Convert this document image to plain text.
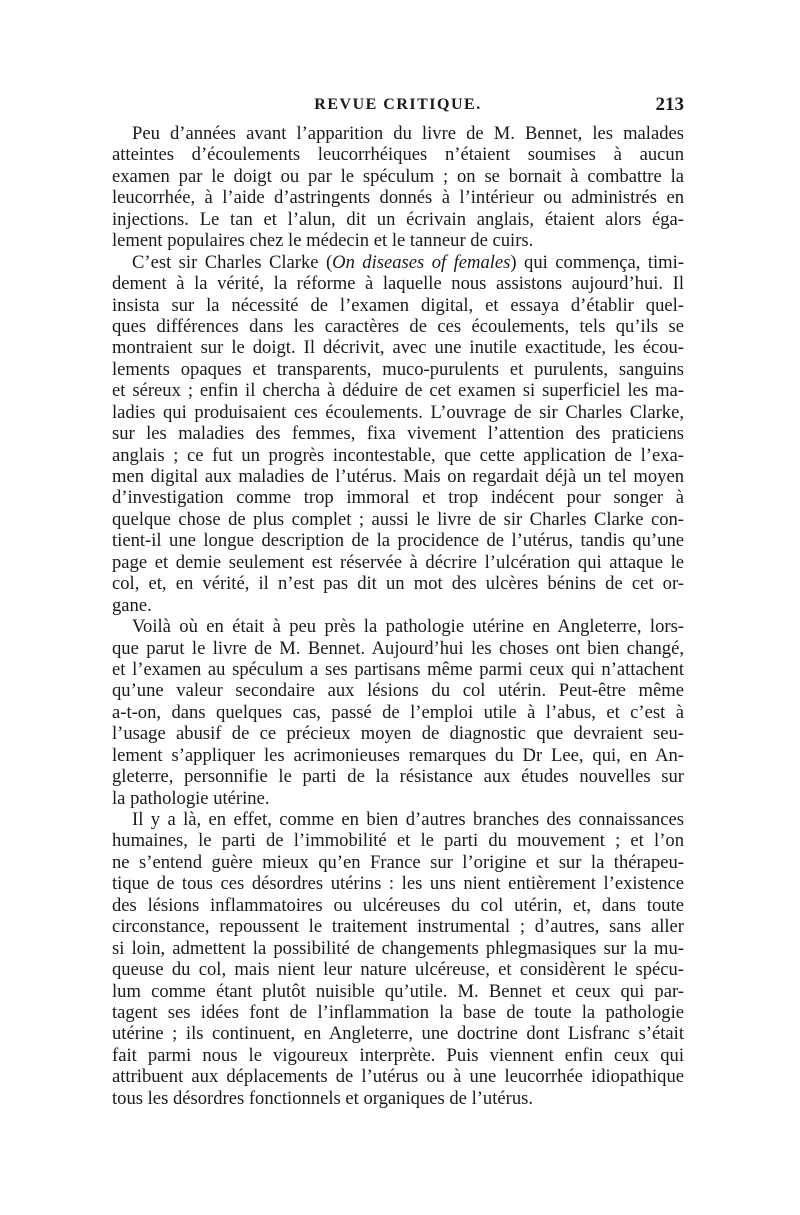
REVUE CRITIQUE.	213
Peu d’années avant l’apparition du livre de M. Bennet, les malades
atteintes d’écoulements leucorrhéiques n’étaient soumises à aucun
examen par le doigt ou par le spéculum ; on se bornait à combattre la
leucorrhée, à l’aide d’astringents donnés à l’intérieur ou administrés en
injections. Le tan et l’alun, dit un écrivain anglais, étaient alors éga-
lement populaires chez le médecin et le tanneur de cuirs.
C’est sir Charles Clarke (On diseases of females) qui commença, timi-
dement à la vérité, la réforme à laquelle nous assistons aujourd’hui. Il
insista sur la nécessité de l’examen digital, et essaya d’établir quel-
ques différences dans les caractères de ces écoulements, tels qu’ils se
montraient sur le doigt. Il décrivit, avec une inutile exactitude, les écou-
lements opaques et transparents, muco-purulents et purulents, sanguins
et séreux ; enfin il chercha à déduire de cet examen si superficiel les ma-
ladies qui produisaient ces écoulements. L’ouvrage de sir Charles Clarke,
sur les maladies des femmes, fixa vivement l’attention des praticiens
anglais ; ce fut un progrès incontestable, que cette application de l’exa-
men digital aux maladies de l’utérus. Mais on regardait déjà un tel moyen
d’investigation comme trop immoral et trop indécent pour songer à
quelque chose de plus complet ; aussi le livre de sir Charles Clarke con-
tient-il une longue description de la procidence de l’utérus, tandis qu’une
page et demie seulement est réservée à décrire l’ulcération qui attaque le
col, et, en vérité, il n’est pas dit un mot des ulcères bénins de cet or-
gane.
Voilà où en était à peu près la pathologie utérine en Angleterre, lors-
que parut le livre de M. Bennet. Aujourd’hui les choses ont bien changé,
et l’examen au spéculum a ses partisans même parmi ceux qui n’attachent
qu’une valeur secondaire aux lésions du col utérin. Peut-être même
a-t-on, dans quelques cas, passé de l’emploi utile à l’abus, et c’est à
l’usage abusif de ce précieux moyen de diagnostic que devraient seu-
lement s’appliquer les acrimonieuses remarques du Dr Lee, qui, en An-
gleterre, personnifie le parti de la résistance aux études nouvelles sur
la pathologie utérine.
Il y a là, en effet, comme en bien d’autres branches des connaissances
humaines, le parti de l’immobilité et le parti du mouvement ; et l’on
ne s’entend guère mieux qu’en France sur l’origine et sur la thérapeu-
tique de tous ces désordres utérins : les uns nient entièrement l’existence
des lésions inflammatoires ou ulcéreuses du col utérin, et, dans toute
circonstance, repoussent le traitement instrumental ; d’autres, sans aller
si loin, admettent la possibilité de changements phlegmasiques sur la mu-
queuse du col, mais nient leur nature ulcéreuse, et considèrent le spécu-
lum comme étant plutôt nuisible qu’utile. M. Bennet et ceux qui par-
tagent ses idées font de l’inflammation la base de toute la pathologie
utérine ; ils continuent, en Angleterre, une doctrine dont Lisfranc s’était
fait parmi nous le vigoureux interprète. Puis viennent enfin ceux qui
attribuent aux déplacements de l’utérus ou à une leucorrhée idiopathique
tous les désordres fonctionnels et organiques de l’utérus.
